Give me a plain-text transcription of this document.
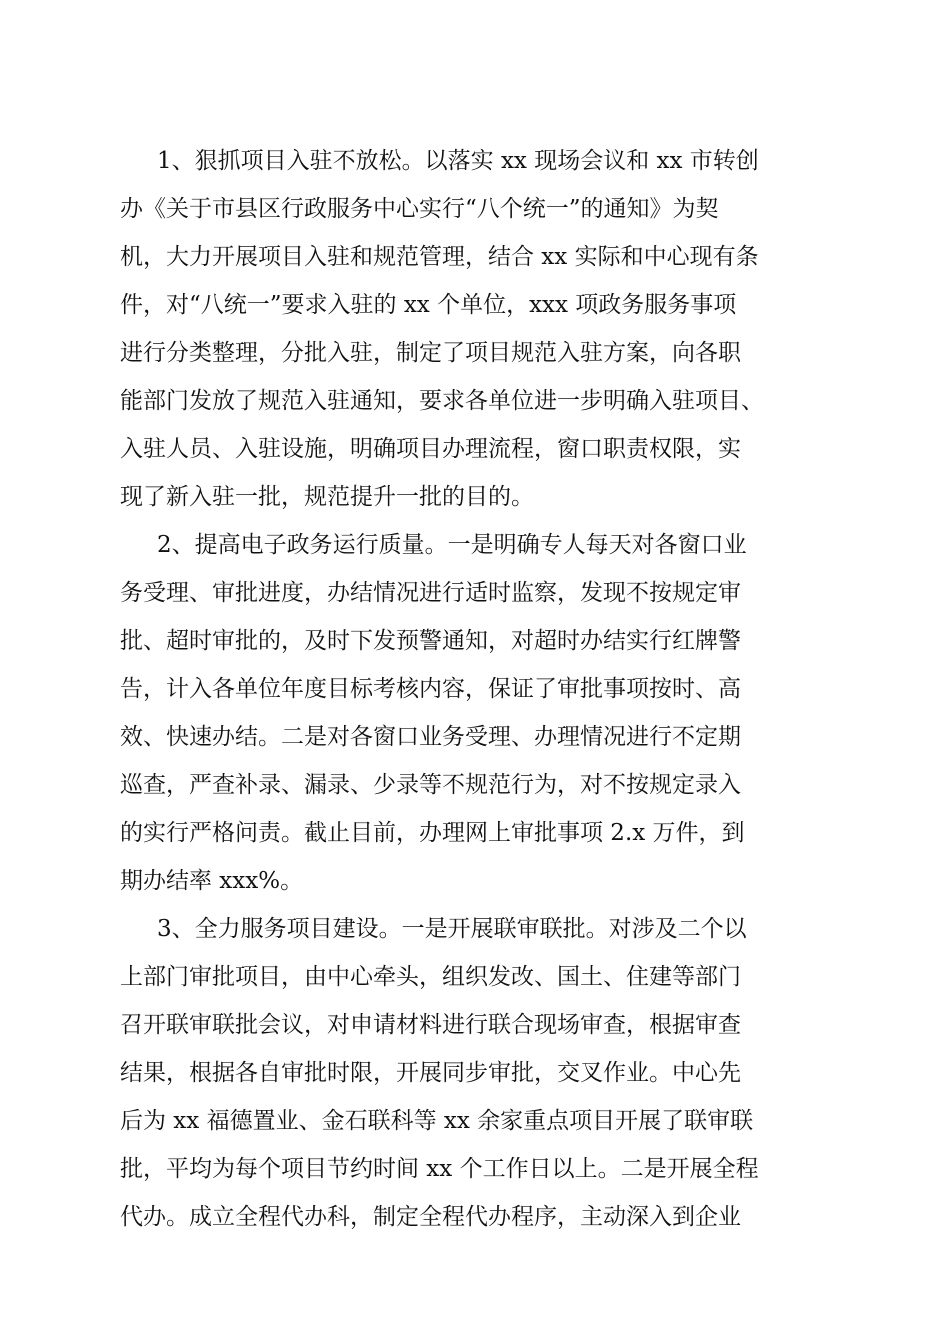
1、狠抓项目入驻不放松。以落实 xx 现场会议和 xx 市转创
办《关于市县区行政服务中心实行“八个统一”的通知》为契
机，大力开展项目入驻和规范管理，结合 xx 实际和中心现有条
件，对“八统一”要求入驻的 xx 个单位，xxx 项政务服务事项
进行分类整理，分批入驻，制定了项目规范入驻方案，向各职
能部门发放了规范入驻通知，要求各单位进一步明确入驻项目、
入驻人员、入驻设施，明确项目办理流程，窗口职责权限，实
现了新入驻一批，规范提升一批的目的。
2、提高电子政务运行质量。一是明确专人每天对各窗口业
务受理、审批进度，办结情况进行适时监察，发现不按规定审
批、超时审批的，及时下发预警通知，对超时办结实行红牌警
告，计入各单位年度目标考核内容，保证了审批事项按时、高
效、快速办结。二是对各窗口业务受理、办理情况进行不定期
巡查，严查补录、漏录、少录等不规范行为，对不按规定录入
的实行严格问责。截止目前，办理网上审批事项 2.x 万件，到
期办结率 xxx%。
3、全力服务项目建设。一是开展联审联批。对涉及二个以
上部门审批项目，由中心牵头，组织发改、国土、住建等部门
召开联审联批会议，对申请材料进行联合现场审查，根据审查
结果，根据各自审批时限，开展同步审批，交叉作业。中心先
后为 xx 福德置业、金石联科等 xx 余家重点项目开展了联审联
批，平均为每个项目节约时间 xx 个工作日以上。二是开展全程
代办。成立全程代办科，制定全程代办程序，主动深入到企业
